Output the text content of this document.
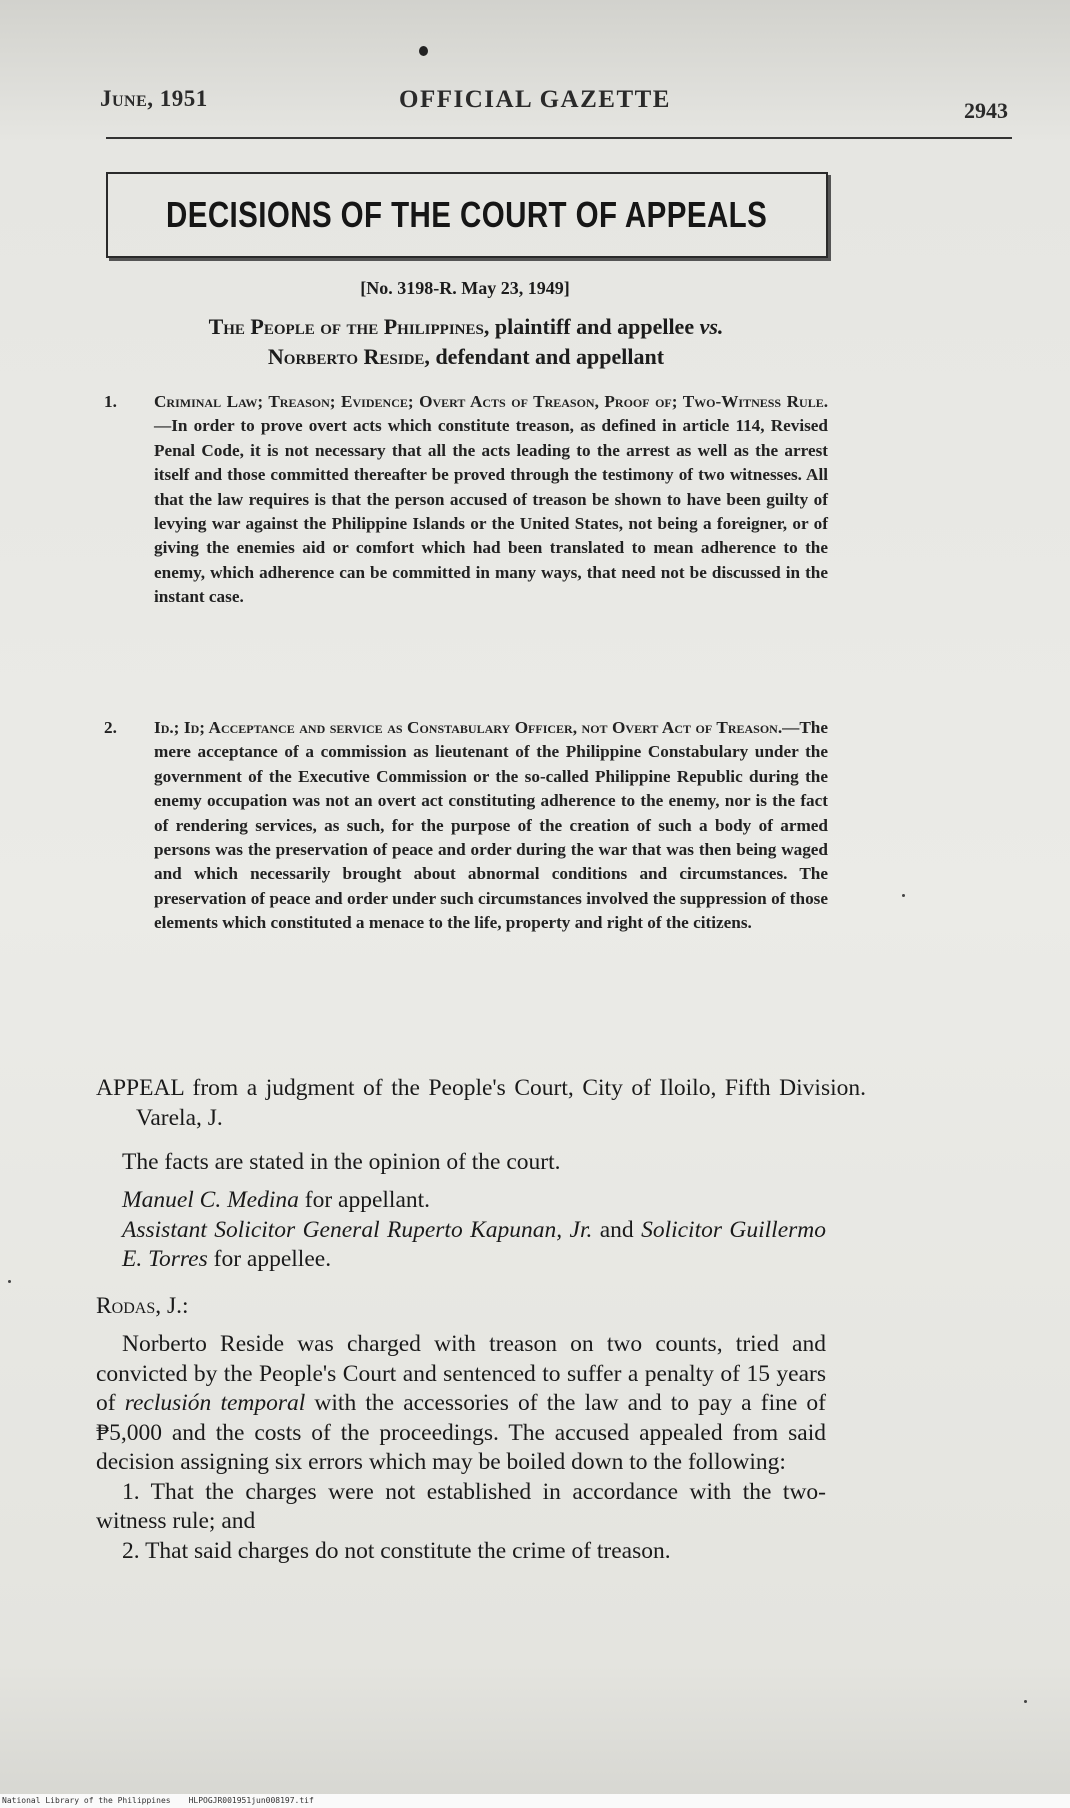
June, 1951	OFFICIAL GAZETTE	2943
DECISIONS OF THE COURT OF APPEALS
[No. 3198-R. May 23, 1949]
The People of the Philippines, plaintiff and appellee vs.
Norberto Reside, defendant and appellant
1. Criminal Law; Treason; Evidence; Overt Acts of Treason, Proof of; Two-Witness Rule.—In order to prove overt acts which constitute treason, as defined in article 114, Revised Penal Code, it is not necessary that all the acts leading to the arrest as well as the arrest itself and those committed thereafter be proved through the testimony of two witnesses. All that the law requires is that the person accused of treason be shown to have been guilty of levying war against the Philippine Islands or the United States, not being a foreigner, or of giving the enemies aid or comfort which had been translated to mean adherence to the enemy, which adherence can be committed in many ways, that need not be discussed in the instant case.
2. Id.; Id; Acceptance and service as Constabulary Officer, not Overt Act of Treason.—The mere acceptance of a commission as lieutenant of the Philippine Constabulary under the government of the Executive Commission or the so-called Philippine Republic during the enemy occupation was not an overt act constituting adherence to the enemy, nor is the fact of rendering services, as such, for the purpose of the creation of such a body of armed persons was the preservation of peace and order during the war that was then being waged and which necessarily brought about abnormal conditions and circumstances. The preservation of peace and order under such circumstances involved the suppression of those elements which constituted a menace to the life, property and right of the citizens.
APPEAL from a judgment of the People's Court, City of Iloilo, Fifth Division. Varela, J.
The facts are stated in the opinion of the court.

Manuel C. Medina for appellant.

Assistant Solicitor General Ruperto Kapunan, Jr. and Solicitor Guillermo E. Torres for appellee.

Rodas, J.:

Norberto Reside was charged with treason on two counts, tried and convicted by the People's Court and sentenced to suffer a penalty of 15 years of reclusión temporal with the accessories of the law and to pay a fine of ₱5,000 and the costs of the proceedings. The accused appealed from said decision assigning six errors which may be boiled down to the following:

1. That the charges were not established in accordance with the two-witness rule; and

2. That said charges do not constitute the crime of treason.

National Library of the Philippines HLPOGJR001951jun008197.tif
